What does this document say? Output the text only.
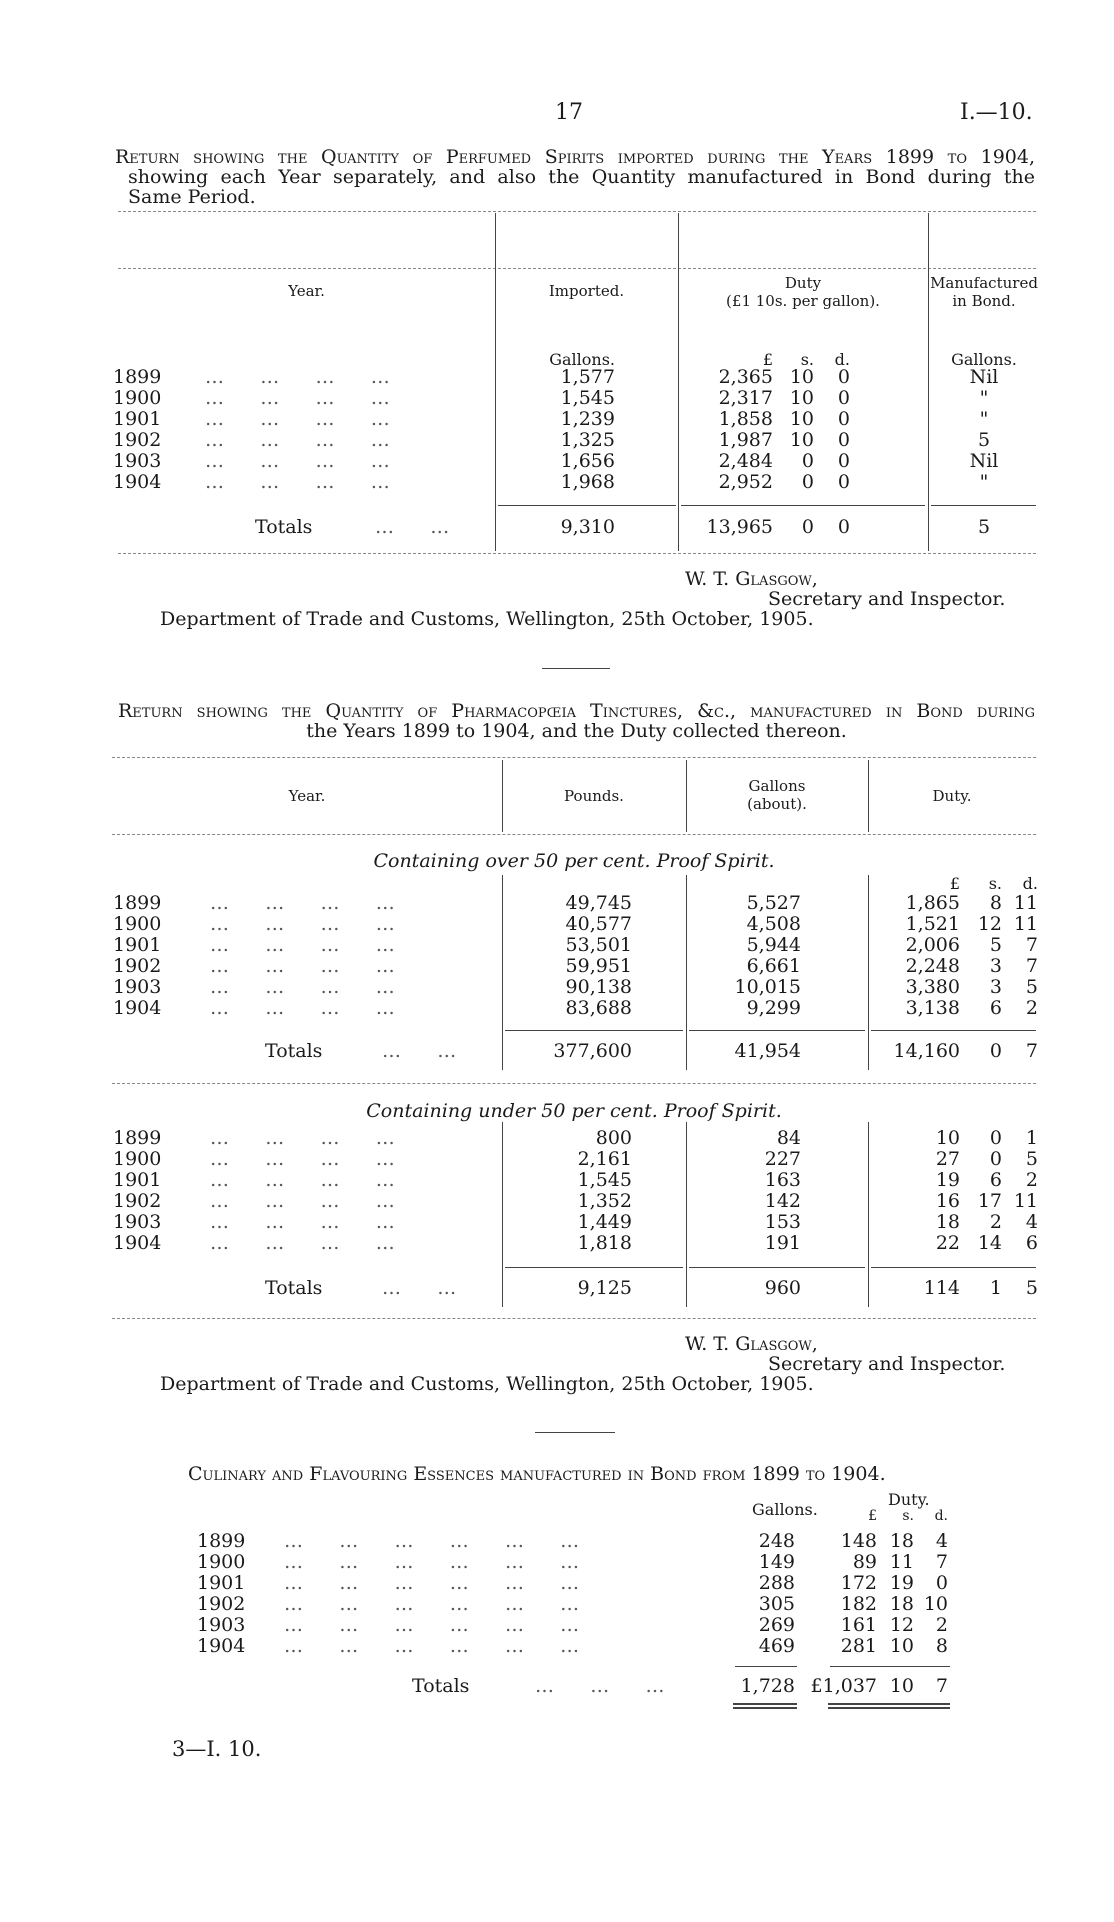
17	I.—10.
Return showing the Quantity of Perfumed Spirits imported during the Years 1899 to 1904,
showing each Year separately, and also the Quantity manufactured in Bond during the
Same Period.
Year.	Imported.	Duty
(£1 10s. per gallon).
Manufactured
in Bond.
Gallons.	£	s.	d.	Gallons.
1899 …      …      …      …	1,577	2,365 10	0	Nil
1900 …      …      …      …	1,545	2,317 10	0	"
1901 …      …      …      …	1,239	1,858 10	0	"
1902 …      …      …      …	1,325	1,987 10	0	5
1903 …      …      …      …	1,656	2,484	0	0	Nil
1904 …      …      …      …	1,968	2,952	0	0	"
Totals	…      …	9,310	13,965	0	0	5
W. T. Glasgow,
Secretary and Inspector.
Department of Trade and Customs, Wellington, 25th October, 1905.
Return showing the Quantity of Pharmacopœia Tinctures, &c., manufactured in Bond during
the Years 1899 to 1904, and the Duty collected thereon.
Year.	Pounds.
Gallons
(about).	Duty.
Containing over 50 per cent. Proof Spirit.
£	s.	d.
1899	…      …      …      …	49,745	5,527	1,865	8 11
1900	…      …      …      …	40,577	4,508	1,521 12 11
1901	…      …      …      …	53,501	5,944	2,006	5	7
1902	…      …      …      …	59,951	6,661	2,248	3	7
1903	…      …      …      …	90,138	10,015	3,380	3	5
1904	…      …      …      …	83,688	9,299	3,138	6	2
Totals	…      …	377,600	41,954	14,160	0	7
Containing under 50 per cent. Proof Spirit.
1899	…      …      …      …	800	84	10	0	1
1900	…      …      …      …	2,161	227	27	0	5
1901	…      …      …      …	1,545	163	19	6	2
1902	…      …      …      …	1,352	142	16 17 11
1903	…      …      …      …	1,449	153	18	2	4
1904	…      …      …      …	1,818	191	22 14	6
Totals	…      …	9,125	960	114	1	5
W. T. Glasgow,
Secretary and Inspector.
Department of Trade and Customs, Wellington, 25th October, 1905.
Culinary and Flavouring Essences manufactured in Bond from 1899 to 1904.
Gallons.
Duty.
£	s.	d.
1899 …      …      …      …      …      …	248	148 18	4
1900 …      …      …      …      …      …	149	89 11	7
1901 …      …      …      …      …      …	288	172 19	0
1902 …      …      …      …      …      …	305	182 18 10
1903 …      …      …      …      …      …	269	161 12	2
1904 …      …      …      …      …      …	469	281 10	8
Totals	…      …      …	1,728 £1,037 10	7
3—I. 10.
